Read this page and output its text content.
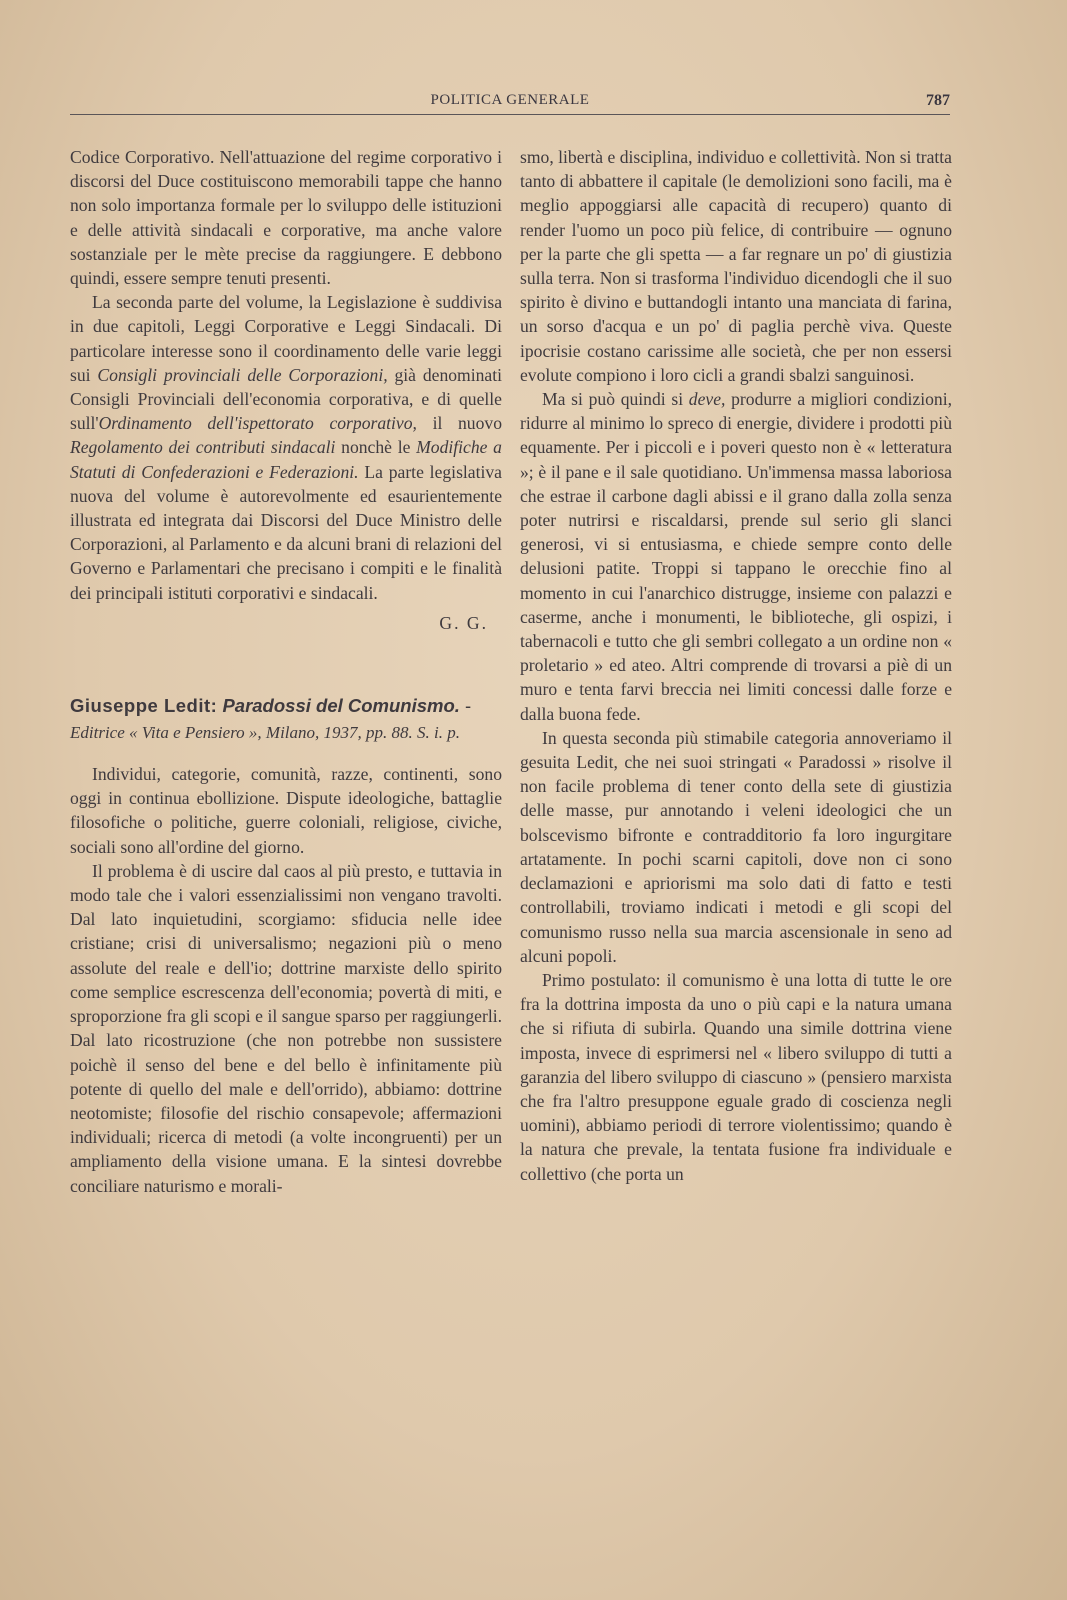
POLITICA GENERALE	787

Codice Corporativo. Nell'attuazione del regime corporativo i discorsi del Duce costituiscono memorabili tappe che hanno non solo importanza formale per lo sviluppo delle istituzioni e delle attività sindacali e corporative, ma anche valore sostanziale per le mète precise da raggiungere. E debbono quindi, essere sempre tenuti presenti.

La seconda parte del volume, la Legislazione è suddivisa in due capitoli, Leggi Corporative e Leggi Sindacali. Di particolare interesse sono il coordinamento delle varie leggi sui Consigli provinciali delle Corporazioni, già denominati Consigli Provinciali dell'economia corporativa, e di quelle sull'Ordinamento dell'ispettorato corporativo, il nuovo Regolamento dei contributi sindacali nonchè le Modifiche a Statuti di Confederazioni e Federazioni. La parte legislativa nuova del volume è autorevolmente ed esaurientemente illustrata ed integrata dai Discorsi del Duce Ministro delle Corporazioni, al Parlamento e da alcuni brani di relazioni del Governo e Parlamentari che precisano i compiti e le finalità dei principali istituti corporativi e sindacali.

G. G.
Giuseppe Ledit: Paradossi del Comunismo. - Editrice « Vita e Pensiero », Milano, 1937, pp. 88. S. i. p.

Individui, categorie, comunità, razze, continenti, sono oggi in continua ebollizione. Dispute ideologiche, battaglie filosofiche o politiche, guerre coloniali, religiose, civiche, sociali sono all'ordine del giorno.

Il problema è di uscire dal caos al più presto, e tuttavia in modo tale che i valori essenzialissimi non vengano travolti. Dal lato inquietudini, scorgiamo: sfiducia nelle idee cristiane; crisi di universalismo; negazioni più o meno assolute del reale e dell'io; dottrine marxiste dello spirito come semplice escrescenza dell'economia; povertà di miti, e sproporzione fra gli scopi e il sangue sparso per raggiungerli. Dal lato ricostruzione (che non potrebbe non sussistere poichè il senso del bene e del bello è infinitamente più potente di quello del male e dell'orrido), abbiamo: dottrine neotomiste; filosofie del rischio consapevole; affermazioni individuali; ricerca di metodi (a volte incongruenti) per un ampliamento della visione umana. E la sintesi dovrebbe conciliare naturismo e morali-

smo, libertà e disciplina, individuo e collettività. Non si tratta tanto di abbattere il capitale (le demolizioni sono facili, ma è meglio appoggiarsi alle capacità di recupero) quanto di render l'uomo un poco più felice, di contribuire — ognuno per la parte che gli spetta — a far regnare un po' di giustizia sulla terra. Non si trasforma l'individuo dicendogli che il suo spirito è divino e buttandogli intanto una manciata di farina, un sorso d'acqua e un po' di paglia perchè viva. Queste ipocrisie costano carissime alle società, che per non essersi evolute compiono i loro cicli a grandi sbalzi sanguinosi.

Ma si può quindi si deve, produrre a migliori condizioni, ridurre al minimo lo spreco di energie, dividere i prodotti più equamente. Per i piccoli e i poveri questo non è « letteratura »; è il pane e il sale quotidiano. Un'immensa massa laboriosa che estrae il carbone dagli abissi e il grano dalla zolla senza poter nutrirsi e riscaldarsi, prende sul serio gli slanci generosi, vi si entusiasma, e chiede sempre conto delle delusioni patite. Troppi si tappano le orecchie fino al momento in cui l'anarchico distrugge, insieme con palazzi e caserme, anche i monumenti, le biblioteche, gli ospizi, i tabernacoli e tutto che gli sembri collegato a un ordine non « proletario » ed ateo. Altri comprende di trovarsi a piè di un muro e tenta farvi breccia nei limiti concessi dalle forze e dalla buona fede.

In questa seconda più stimabile categoria annoveriamo il gesuita Ledit, che nei suoi stringati « Paradossi » risolve il non facile problema di tener conto della sete di giustizia delle masse, pur annotando i veleni ideologici che un bolscevismo bifronte e contradditorio fa loro ingurgitare artatamente. In pochi scarni capitoli, dove non ci sono declamazioni e apriorismi ma solo dati di fatto e testi controllabili, troviamo indicati i metodi e gli scopi del comunismo russo nella sua marcia ascensionale in seno ad alcuni popoli.

Primo postulato: il comunismo è una lotta di tutte le ore fra la dottrina imposta da uno o più capi e la natura umana che si rifiuta di subirla. Quando una simile dottrina viene imposta, invece di esprimersi nel « libero sviluppo di tutti a garanzia del libero sviluppo di ciascuno » (pensiero marxista che fra l'altro presuppone eguale grado di coscienza negli uomini), abbiamo periodi di terrore violentissimo; quando è la natura che prevale, la tentata fusione fra individuale e collettivo (che porta un
